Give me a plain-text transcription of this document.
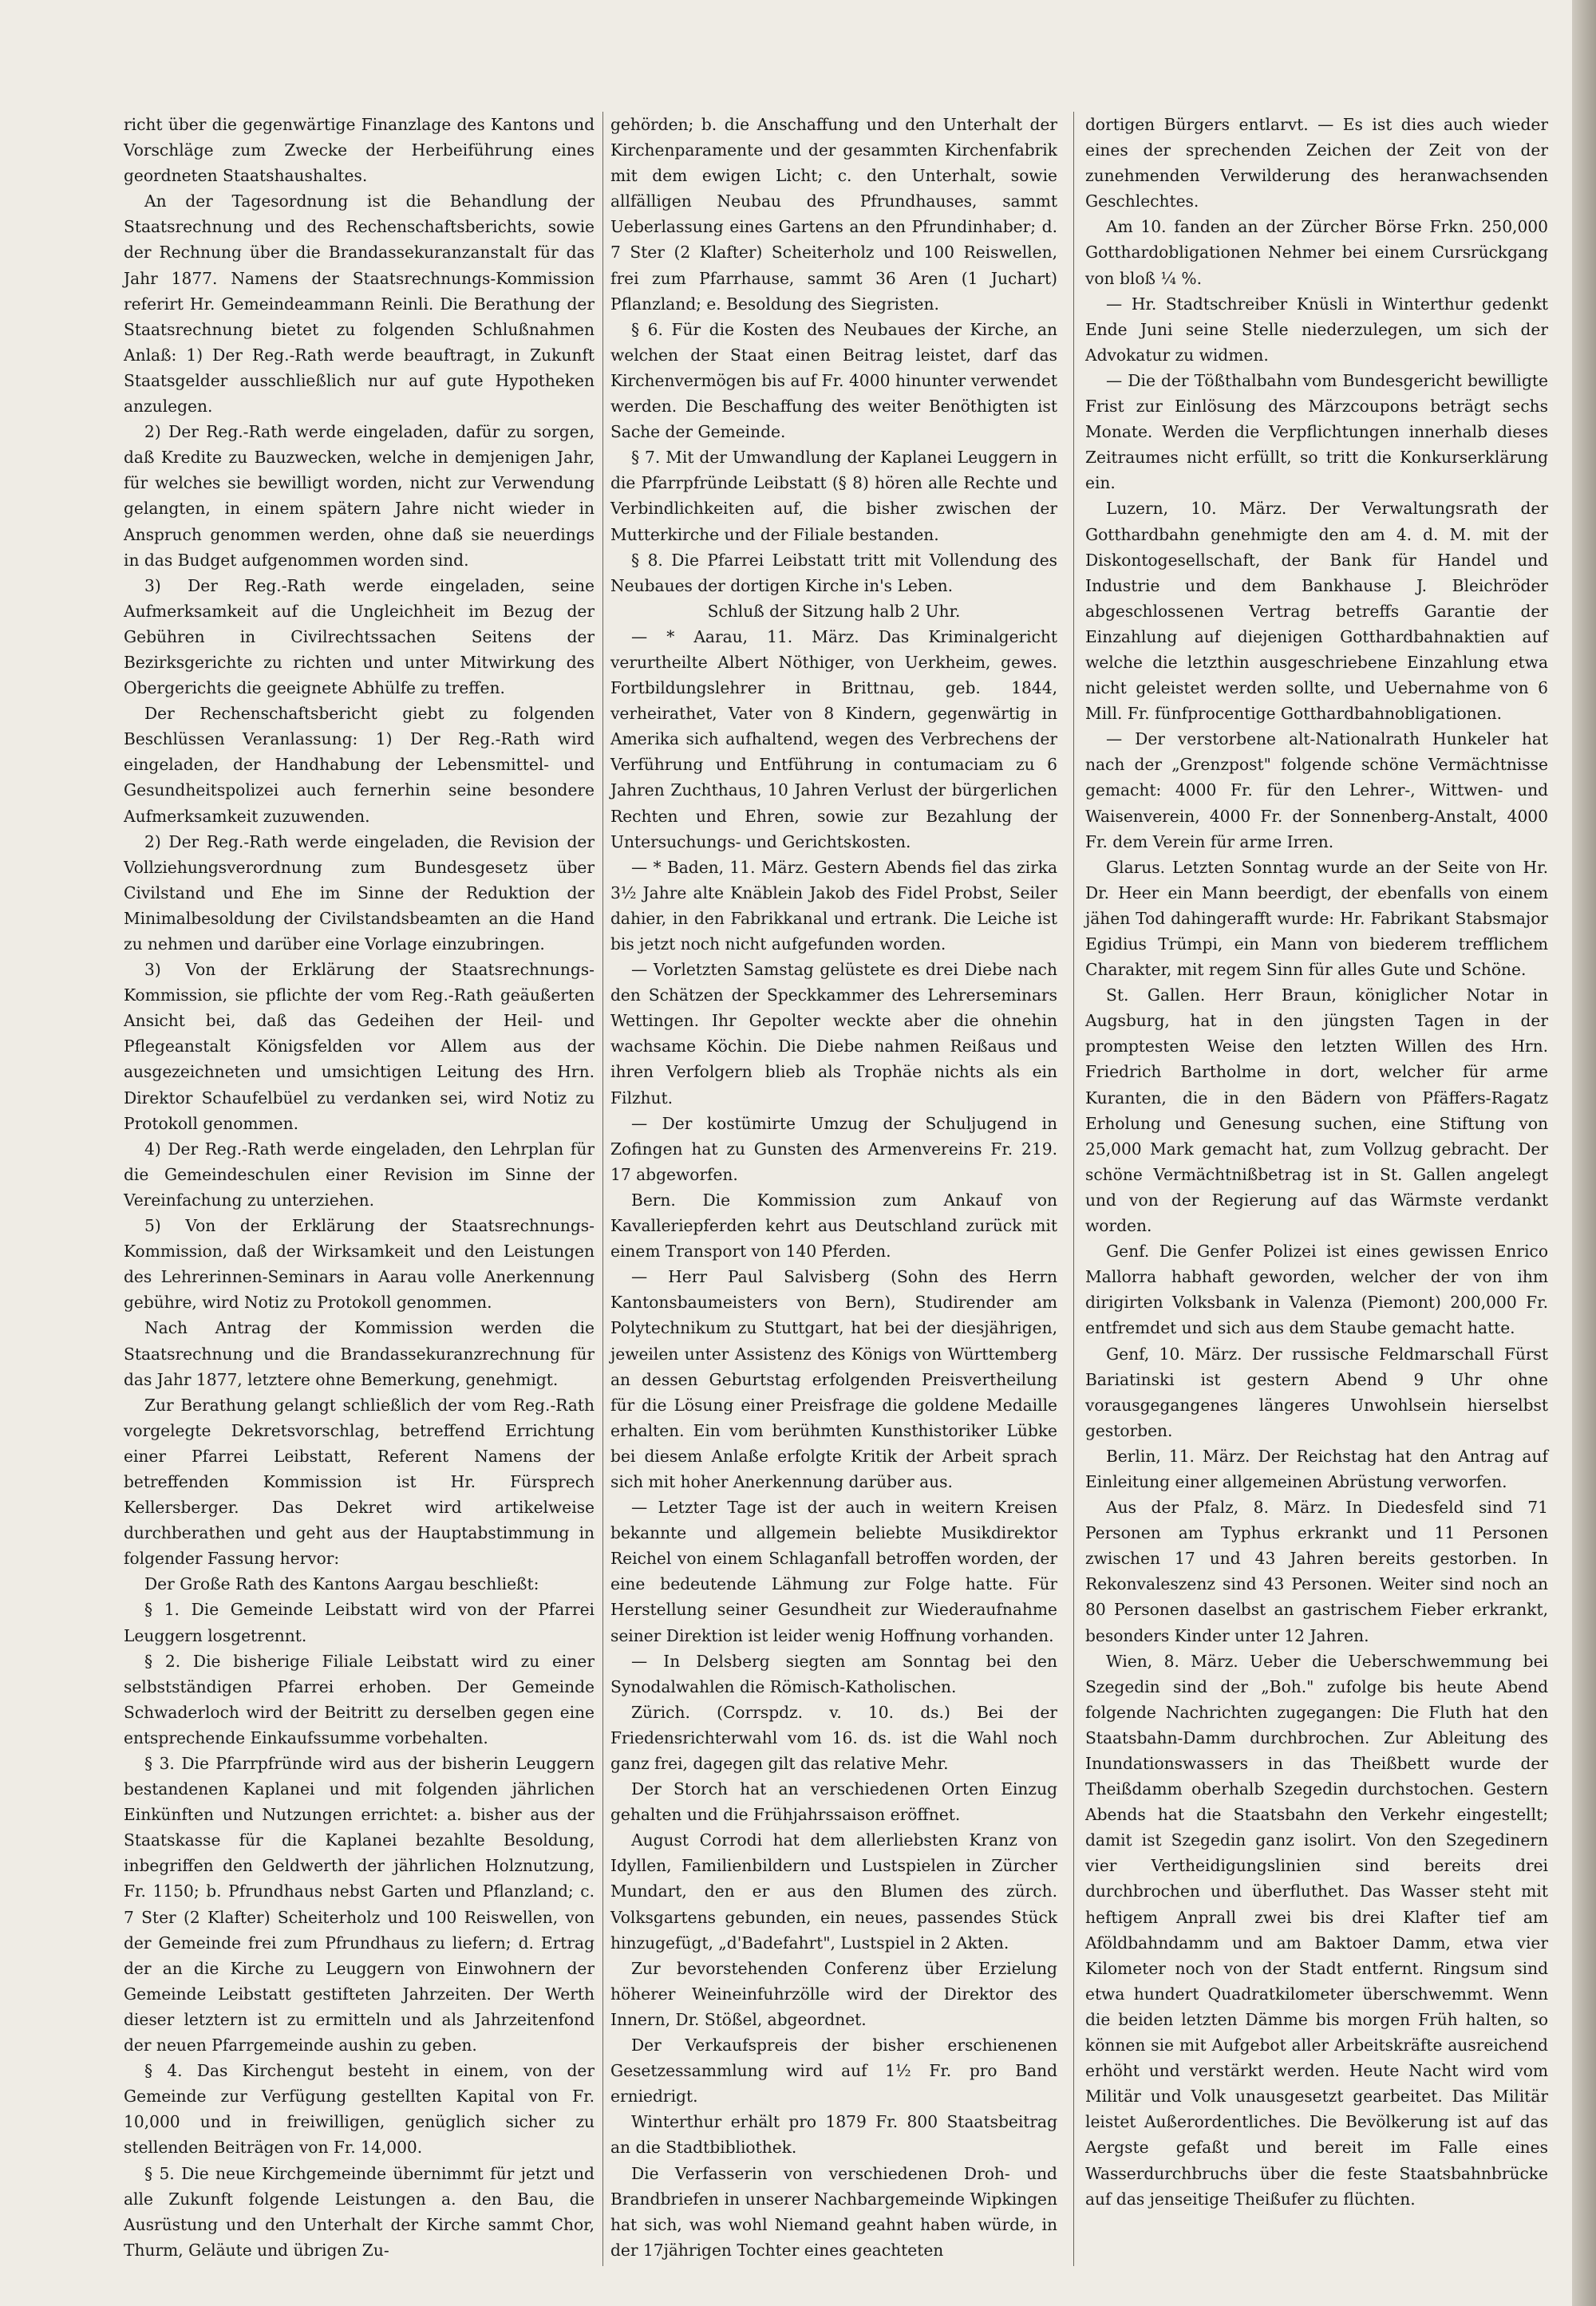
richt über die gegenwärtige Finanzlage des Kantons und Vorschläge zum Zwecke der Herbeiführung eines geordneten Staatshaushaltes.

An der Tagesordnung ist die Behandlung der Staatsrechnung und des Rechenschaftsberichts, sowie der Rechnung über die Brandassekuranzanstalt für das Jahr 1877. Namens der Staatsrechnungs-Kommission referirt Hr. Gemeindeammann Reinli. Die Berathung der Staatsrechnung bietet zu folgenden Schlußnahmen Anlaß: 1) Der Reg.-Rath werde beauftragt, in Zukunft Staatsgelder ausschließlich nur auf gute Hypotheken anzulegen.

2) Der Reg.-Rath werde eingeladen, dafür zu sorgen, daß Kredite zu Bauzwecken, welche in demjenigen Jahr, für welches sie bewilligt worden, nicht zur Verwendung gelangten, in einem spätern Jahre nicht wieder in Anspruch genommen werden, ohne daß sie neuerdings in das Budget aufgenommen worden sind.

3) Der Reg.-Rath werde eingeladen, seine Aufmerksamkeit auf die Ungleichheit im Bezug der Gebühren in Civilrechtssachen Seitens der Bezirksgerichte zu richten und unter Mitwirkung des Obergerichts die geeignete Abhülfe zu treffen.

Der Rechenschaftsbericht giebt zu folgenden Beschlüssen Veranlassung: 1) Der Reg.-Rath wird eingeladen, der Handhabung der Lebensmittel- und Gesundheitspolizei auch fernerhin seine besondere Aufmerksamkeit zuzuwenden.

2) Der Reg.-Rath werde eingeladen, die Revision der Vollziehungsverordnung zum Bundesgesetz über Civilstand und Ehe im Sinne der Reduktion der Minimalbesoldung der Civilstandsbeamten an die Hand zu nehmen und darüber eine Vorlage einzubringen.

3) Von der Erklärung der Staatsrechnungs-Kommission, sie pflichte der vom Reg.-Rath geäußerten Ansicht bei, daß das Gedeihen der Heil- und Pflegeanstalt Königsfelden vor Allem aus der ausgezeichneten und umsichtigen Leitung des Hrn. Direktor Schaufelbüel zu verdanken sei, wird Notiz zu Protokoll genommen.

4) Der Reg.-Rath werde eingeladen, den Lehrplan für die Gemeindeschulen einer Revision im Sinne der Vereinfachung zu unterziehen.

5) Von der Erklärung der Staatsrechnungs-Kommission, daß der Wirksamkeit und den Leistungen des Lehrerinnen-Seminars in Aarau volle Anerkennung gebühre, wird Notiz zu Protokoll genommen.

Nach Antrag der Kommission werden die Staatsrechnung und die Brandassekuranzrechnung für das Jahr 1877, letztere ohne Bemerkung, genehmigt.

Zur Berathung gelangt schließlich der vom Reg.-Rath vorgelegte Dekretsvorschlag, betreffend Errichtung einer Pfarrei Leibstatt, Referent Namens der betreffenden Kommission ist Hr. Fürsprech Kellersberger. Das Dekret wird artikelweise durchberathen und geht aus der Hauptabstimmung in folgender Fassung hervor:

Der Große Rath des Kantons Aargau beschließt:

§ 1. Die Gemeinde Leibstatt wird von der Pfarrei Leuggern losgetrennt.

§ 2. Die bisherige Filiale Leibstatt wird zu einer selbstständigen Pfarrei erhoben. Der Gemeinde Schwaderloch wird der Beitritt zu derselben gegen eine entsprechende Einkaufssumme vorbehalten.

§ 3. Die Pfarrpfründe wird aus der bisherin Leuggern bestandenen Kaplanei und mit folgenden jährlichen Einkünften und Nutzungen errichtet: a. bisher aus der Staatskasse für die Kaplanei bezahlte Besoldung, inbegriffen den Geldwerth der jährlichen Holznutzung, Fr. 1150; b. Pfrundhaus nebst Garten und Pflanzland; c. 7 Ster (2 Klafter) Scheiterholz und 100 Reiswellen, von der Gemeinde frei zum Pfrundhaus zu liefern; d. Ertrag der an die Kirche zu Leuggern von Einwohnern der Gemeinde Leibstatt gestifteten Jahrzeiten. Der Werth dieser letztern ist zu ermitteln und als Jahrzeitenfond der neuen Pfarrgemeinde aushin zu geben.

§ 4. Das Kirchengut besteht in einem, von der Gemeinde zur Verfügung gestellten Kapital von Fr. 10,000 und in freiwilligen, genüglich sicher zu stellenden Beiträgen von Fr. 14,000.

§ 5. Die neue Kirchgemeinde übernimmt für jetzt und alle Zukunft folgende Leistungen a. den Bau, die Ausrüstung und den Unterhalt der Kirche sammt Chor, Thurm, Geläute und übrigen Zu-

gehörden; b. die Anschaffung und den Unterhalt der Kirchenparamente und der gesammten Kirchenfabrik mit dem ewigen Licht; c. den Unterhalt, sowie allfälligen Neubau des Pfrundhauses, sammt Ueberlassung eines Gartens an den Pfrundinhaber; d. 7 Ster (2 Klafter) Scheiterholz und 100 Reiswellen, frei zum Pfarrhause, sammt 36 Aren (1 Juchart) Pflanzland; e. Besoldung des Siegristen.

§ 6. Für die Kosten des Neubaues der Kirche, an welchen der Staat einen Beitrag leistet, darf das Kirchenvermögen bis auf Fr. 4000 hinunter verwendet werden. Die Beschaffung des weiter Benöthigten ist Sache der Gemeinde.

§ 7. Mit der Umwandlung der Kaplanei Leuggern in die Pfarrpfründe Leibstatt (§ 8) hören alle Rechte und Verbindlichkeiten auf, die bisher zwischen der Mutterkirche und der Filiale bestanden.

§ 8. Die Pfarrei Leibstatt tritt mit Vollendung des Neubaues der dortigen Kirche in's Leben.

Schluß der Sitzung halb 2 Uhr.

— * Aarau, 11. März. Das Kriminalgericht verurtheilte Albert Nöthiger, von Uerkheim, gewes. Fortbildungslehrer in Brittnau, geb. 1844, verheirathet, Vater von 8 Kindern, gegenwärtig in Amerika sich aufhaltend, wegen des Verbrechens der Verführung und Entführung in contumaciam zu 6 Jahren Zuchthaus, 10 Jahren Verlust der bürgerlichen Rechten und Ehren, sowie zur Bezahlung der Untersuchungs- und Gerichtskosten.

— * Baden, 11. März. Gestern Abends fiel das zirka 3½ Jahre alte Knäblein Jakob des Fidel Probst, Seiler dahier, in den Fabrikkanal und ertrank. Die Leiche ist bis jetzt noch nicht aufgefunden worden.

— Vorletzten Samstag gelüstete es drei Diebe nach den Schätzen der Speckkammer des Lehrerseminars Wettingen. Ihr Gepolter weckte aber die ohnehin wachsame Köchin. Die Diebe nahmen Reißaus und ihren Verfolgern blieb als Trophäe nichts als ein Filzhut.

— Der kostümirte Umzug der Schuljugend in Zofingen hat zu Gunsten des Armenvereins Fr. 219. 17 abgeworfen.

Bern. Die Kommission zum Ankauf von Kavalleriepferden kehrt aus Deutschland zurück mit einem Transport von 140 Pferden.

— Herr Paul Salvisberg (Sohn des Herrn Kantonsbaumeisters von Bern), Studirender am Polytechnikum zu Stuttgart, hat bei der diesjährigen, jeweilen unter Assistenz des Königs von Württemberg an dessen Geburtstag erfolgenden Preisvertheilung für die Lösung einer Preisfrage die goldene Medaille erhalten. Ein vom berühmten Kunsthistoriker Lübke bei diesem Anlaße erfolgte Kritik der Arbeit sprach sich mit hoher Anerkennung darüber aus.

— Letzter Tage ist der auch in weitern Kreisen bekannte und allgemein beliebte Musikdirektor Reichel von einem Schlaganfall betroffen worden, der eine bedeutende Lähmung zur Folge hatte. Für Herstellung seiner Gesundheit zur Wiederaufnahme seiner Direktion ist leider wenig Hoffnung vorhanden.

— In Delsberg siegten am Sonntag bei den Synodalwahlen die Römisch-Katholischen.

Zürich. (Corrspdz. v. 10. ds.) Bei der Friedensrichterwahl vom 16. ds. ist die Wahl noch ganz frei, dagegen gilt das relative Mehr.

Der Storch hat an verschiedenen Orten Einzug gehalten und die Frühjahrssaison eröffnet.

August Corrodi hat dem allerliebsten Kranz von Idyllen, Familienbildern und Lustspielen in Zürcher Mundart, den er aus den Blumen des zürch. Volksgartens gebunden, ein neues, passendes Stück hinzugefügt, „d'Badefahrt", Lustspiel in 2 Akten.

Zur bevorstehenden Conferenz über Erzielung höherer Weineinfuhrzölle wird der Direktor des Innern, Dr. Stößel, abgeordnet.

Der Verkaufspreis der bisher erschienenen Gesetzessammlung wird auf 1½ Fr. pro Band erniedrigt.

Winterthur erhält pro 1879 Fr. 800 Staatsbeitrag an die Stadtbibliothek.

Die Verfasserin von verschiedenen Droh- und Brandbriefen in unserer Nachbargemeinde Wipkingen hat sich, was wohl Niemand geahnt haben würde, in der 17jährigen Tochter eines geachteten

dortigen Bürgers entlarvt. — Es ist dies auch wieder eines der sprechenden Zeichen der Zeit von der zunehmenden Verwilderung des heranwachsenden Geschlechtes.

Am 10. fanden an der Zürcher Börse Frkn. 250,000 Gotthardobligationen Nehmer bei einem Cursrückgang von bloß ¼ %.

— Hr. Stadtschreiber Knüsli in Winterthur gedenkt Ende Juni seine Stelle niederzulegen, um sich der Advokatur zu widmen.

— Die der Tößthalbahn vom Bundesgericht bewilligte Frist zur Einlösung des Märzcoupons beträgt sechs Monate. Werden die Verpflichtungen innerhalb dieses Zeitraumes nicht erfüllt, so tritt die Konkurserklärung ein.

Luzern, 10. März. Der Verwaltungsrath der Gotthardbahn genehmigte den am 4. d. M. mit der Diskontogesellschaft, der Bank für Handel und Industrie und dem Bankhause J. Bleichröder abgeschlossenen Vertrag betreffs Garantie der Einzahlung auf diejenigen Gotthardbahnaktien auf welche die letzthin ausgeschriebene Einzahlung etwa nicht geleistet werden sollte, und Uebernahme von 6 Mill. Fr. fünfprocentige Gotthardbahnobligationen.

— Der verstorbene alt-Nationalrath Hunkeler hat nach der „Grenzpost" folgende schöne Vermächtnisse gemacht: 4000 Fr. für den Lehrer-, Wittwen- und Waisenverein, 4000 Fr. der Sonnenberg-Anstalt, 4000 Fr. dem Verein für arme Irren.

Glarus. Letzten Sonntag wurde an der Seite von Hr. Dr. Heer ein Mann beerdigt, der ebenfalls von einem jähen Tod dahingerafft wurde: Hr. Fabrikant Stabsmajor Egidius Trümpi, ein Mann von biederem trefflichem Charakter, mit regem Sinn für alles Gute und Schöne.

St. Gallen. Herr Braun, königlicher Notar in Augsburg, hat in den jüngsten Tagen in der promptesten Weise den letzten Willen des Hrn. Friedrich Bartholme in dort, welcher für arme Kuranten, die in den Bädern von Pfäffers-Ragatz Erholung und Genesung suchen, eine Stiftung von 25,000 Mark gemacht hat, zum Vollzug gebracht. Der schöne Vermächtnißbetrag ist in St. Gallen angelegt und von der Regierung auf das Wärmste verdankt worden.

Genf. Die Genfer Polizei ist eines gewissen Enrico Mallorra habhaft geworden, welcher der von ihm dirigirten Volksbank in Valenza (Piemont) 200,000 Fr. entfremdet und sich aus dem Staube gemacht hatte.

Genf, 10. März. Der russische Feldmarschall Fürst Bariatinski ist gestern Abend 9 Uhr ohne vorausgegangenes längeres Unwohlsein hierselbst gestorben.

Berlin, 11. März. Der Reichstag hat den Antrag auf Einleitung einer allgemeinen Abrüstung verworfen.

Aus der Pfalz, 8. März. In Diedesfeld sind 71 Personen am Typhus erkrankt und 11 Personen zwischen 17 und 43 Jahren bereits gestorben. In Rekonvaleszenz sind 43 Personen. Weiter sind noch an 80 Personen daselbst an gastrischem Fieber erkrankt, besonders Kinder unter 12 Jahren.

Wien, 8. März. Ueber die Ueberschwemmung bei Szegedin sind der „Boh." zufolge bis heute Abend folgende Nachrichten zugegangen: Die Fluth hat den Staatsbahn-Damm durchbrochen. Zur Ableitung des Inundationswassers in das Theißbett wurde der Theißdamm oberhalb Szegedin durchstochen. Gestern Abends hat die Staatsbahn den Verkehr eingestellt; damit ist Szegedin ganz isolirt. Von den Szegedinern vier Vertheidigungslinien sind bereits drei durchbrochen und überfluthet. Das Wasser steht mit heftigem Anprall zwei bis drei Klafter tief am Aföldbahndamm und am Baktoer Damm, etwa vier Kilometer noch von der Stadt entfernt. Ringsum sind etwa hundert Quadratkilometer überschwemmt. Wenn die beiden letzten Dämme bis morgen Früh halten, so können sie mit Aufgebot aller Arbeitskräfte ausreichend erhöht und verstärkt werden. Heute Nacht wird vom Militär und Volk unausgesetzt gearbeitet. Das Militär leistet Außerordentliches. Die Bevölkerung ist auf das Aergste gefaßt und bereit im Falle eines Wasserdurchbruchs über die feste Staatsbahnbrücke auf das jenseitige Theißufer zu flüchten.
